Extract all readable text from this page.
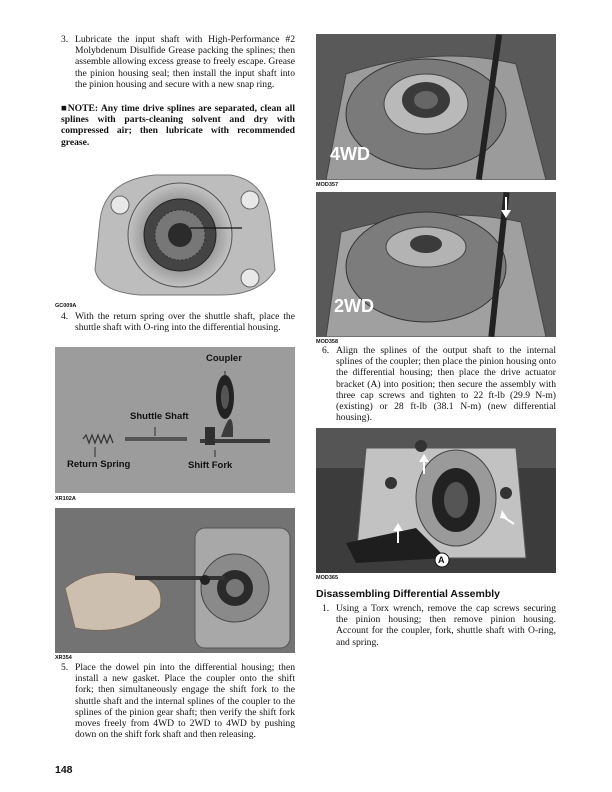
3. Lubricate the input shaft with High-Performance #2 Molybdenum Disulfide Grease packing the splines; then assemble allowing excess grease to freely escape. Grease the pinion housing seal; then install the input shaft into the pinion housing and secure with a new snap ring.
■NOTE: Any time drive splines are separated, clean all splines with parts-cleaning solvent and dry with compressed air; then lubricate with recommended grease.
GC009A
4. With the return spring over the shuttle shaft, place the shuttle shaft with O-ring into the differential housing.
Coupler
Shuttle Shaft
Return Spring	Shift Fork
XR102A
XR354
5. Place the dowel pin into the differential housing; then install a new gasket. Place the coupler onto the shift fork; then simultaneously engage the shift fork to the shuttle shaft and the internal splines of the coupler to the splines of the pinion gear shaft; then verify the shift fork moves freely from 4WD to 2WD to 4WD by pushing down on the shift fork shaft and then releasing.
148
4WD
MOD357
2WD
MOD358
6. Align the splines of the output shaft to the internal splines of the coupler; then place the pinion housing onto the differential housing; then place the drive actuator bracket (A) into position; then secure the assembly with three cap screws and tighten to 22 ft-lb (29.9 N-m) (existing) or 28 ft-lb (38.1 N-m) (new differential housing).
A
MOD365
Disassembling Differential Assembly
1. Using a Torx wrench, remove the cap screws securing the pinion housing; then remove pinion housing. Account for the coupler, fork, shuttle shaft with O-ring, and spring.
